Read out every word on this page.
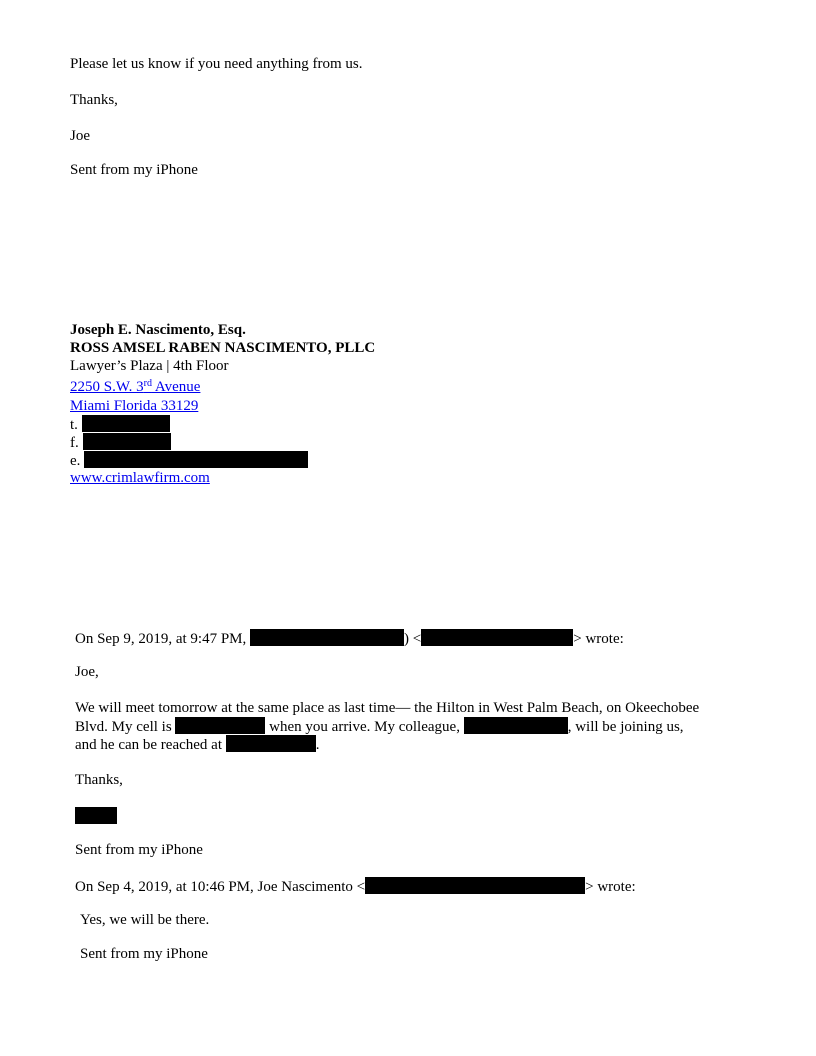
Please let us know if you need anything from us.
Thanks,
Joe
Sent from my iPhone
Joseph E. Nascimento, Esq.
ROSS AMSEL RABEN NASCIMENTO, PLLC
Lawyer’s Plaza | 4th Floor
2250 S.W. 3rd Avenue
Miami Florida 33129
t.
f.
e.
www.crimlawfirm.com
On Sep 9, 2019, at 9:47 PM,	) <	> wrote:
Joe,
We will meet tomorrow at the same place as last time— the Hilton in West Palm Beach, on Okeechobee
Blvd. My cell is	when you arrive. My colleague,	, will be joining us,
and he can be reached at	.
Thanks,
Sent from my iPhone
On Sep 4, 2019, at 10:46 PM, Joe Nascimento <	> wrote:
Yes, we will be there.
Sent from my iPhone
